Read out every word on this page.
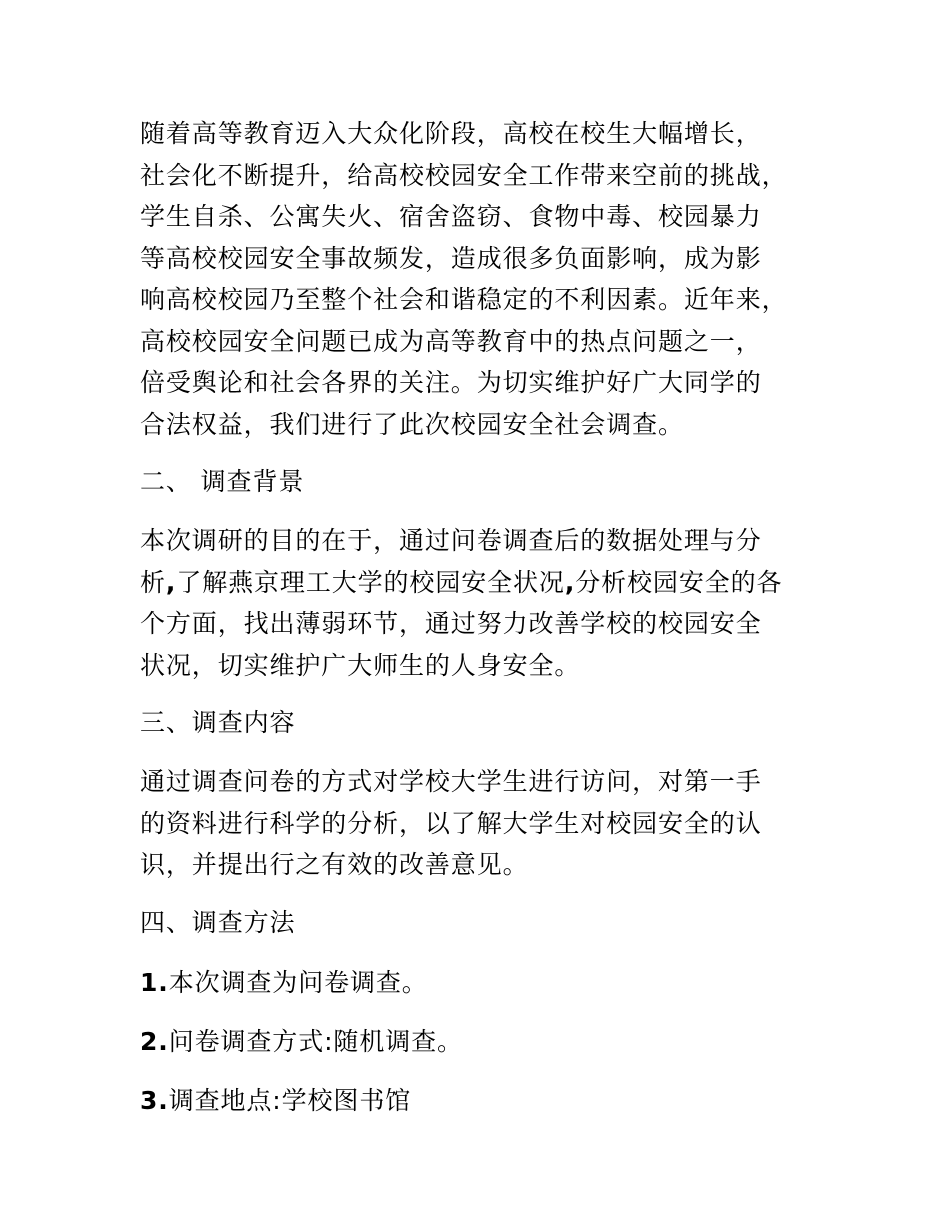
随着高等教育迈入大众化阶段，高校在校生大幅增长，
社会化不断提升，给高校校园安全工作带来空前的挑战，
学生自杀、公寓失火、宿舍盗窃、食物中毒、校园暴力
等高校校园安全事故频发，造成很多负面影响，成为影
响高校校园乃至整个社会和谐稳定的不利因素。近年来，
高校校园安全问题已成为高等教育中的热点问题之一，
倍受舆论和社会各界的关注。为切实维护好广大同学的
合法权益，我们进行了此次校园安全社会调查。
二、 调查背景
本次调研的目的在于，通过问卷调查后的数据处理与分
析,了解燕京理工大学的校园安全状况,分析校园安全的各
个方面，找出薄弱环节，通过努力改善学校的校园安全
状况，切实维护广大师生的人身安全。
三、调查内容
通过调查问卷的方式对学校大学生进行访问，对第一手
的资料进行科学的分析，以了解大学生对校园安全的认
识，并提出行之有效的改善意见。
四、调查方法

1.本次调查为问卷调查。

2.问卷调查方式:随机调查。

3.调查地点:学校图书馆
